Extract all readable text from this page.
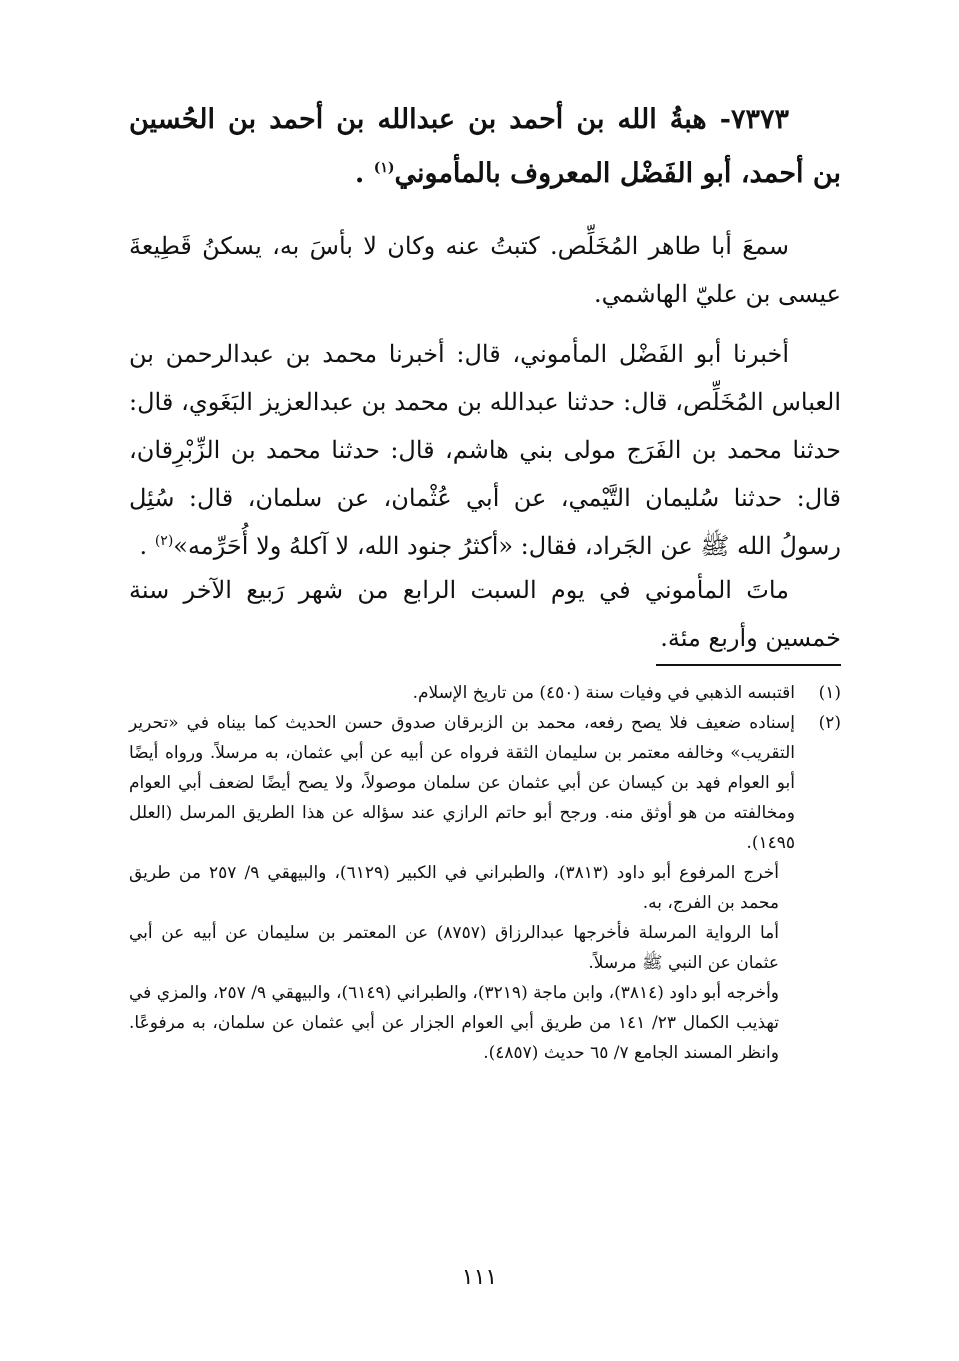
٧٣٧٣- هبةُ الله بن أحمد بن عبدالله بن أحمد بن الحُسين بن أحمد، أبو الفَضْل المعروف بالمأموني$^{(١)}$ .
سمعَ أبا طاهر المُخَلِّص. كتبتُ عنه وكان لا بأسَ به، يسكنُ قَطِيعةَ عيسى بن عليّ الهاشمي.
أخبرنا أبو الفَضْل المأموني، قال: أخبرنا محمد بن عبدالرحمن بن العباس المُخَلِّص، قال: حدثنا عبدالله بن محمد بن عبدالعزيز البَغَوي، قال: حدثنا محمد بن الفَرَج مولى بني هاشم، قال: حدثنا محمد بن الزِّبْرِقان، قال: حدثنا سُليمان التَّيْمي، عن أبي عُثْمان، عن سلمان، قال: سُئِل رسولُ الله ﷺ عن الجَراد، فقال: «أكثرُ جنود الله، لا آكلهُ ولا أُحَرِّمه»$^{(٢)}$ .
ماتَ المأموني في يوم السبت الرابع من شهر رَبيع الآخر سنة خمسين وأربع مئة.
(١)

اقتبسه الذهبي في وفيات سنة (٤٥٠) من تاريخ الإسلام.

(٢)

إسناده ضعيف فلا يصح رفعه، محمد بن الزبرقان صدوق حسن الحديث كما بيناه في «تحرير التقريب» وخالفه معتمر بن سليمان الثقة فرواه عن أبيه عن أبي عثمان، به مرسلاً. ورواه أيضًا أبو العوام فهد بن كيسان عن أبي عثمان عن سلمان موصولاً، ولا يصح أيضًا لضعف أبي العوام ومخالفته من هو أوثق منه. ورجح أبو حاتم الرازي عند سؤاله عن هذا الطريق المرسل (العلل ١٤٩٥).

أخرج المرفوع أبو داود (٣٨١٣)، والطبراني في الكبير (٦١٢٩)، والبيهقي ٩/ ٢٥٧ من طريق محمد بن الفرج، به.

أما الرواية المرسلة فأخرجها عبدالرزاق (٨٧٥٧) عن المعتمر بن سليمان عن أبيه عن أبي عثمان عن النبي ﷺ مرسلاً.

وأخرجه أبو داود (٣٨١٤)، وابن ماجة (٣٢١٩)، والطبراني (٦١٤٩)، والبيهقي ٩/ ٢٥٧، والمزي في تهذيب الكمال ٢٣/ ١٤١ من طريق أبي العوام الجزار عن أبي عثمان عن سلمان، به مرفوعًا. وانظر المسند الجامع ٧/ ٦٥ حديث (٤٨٥٧).

١١١
